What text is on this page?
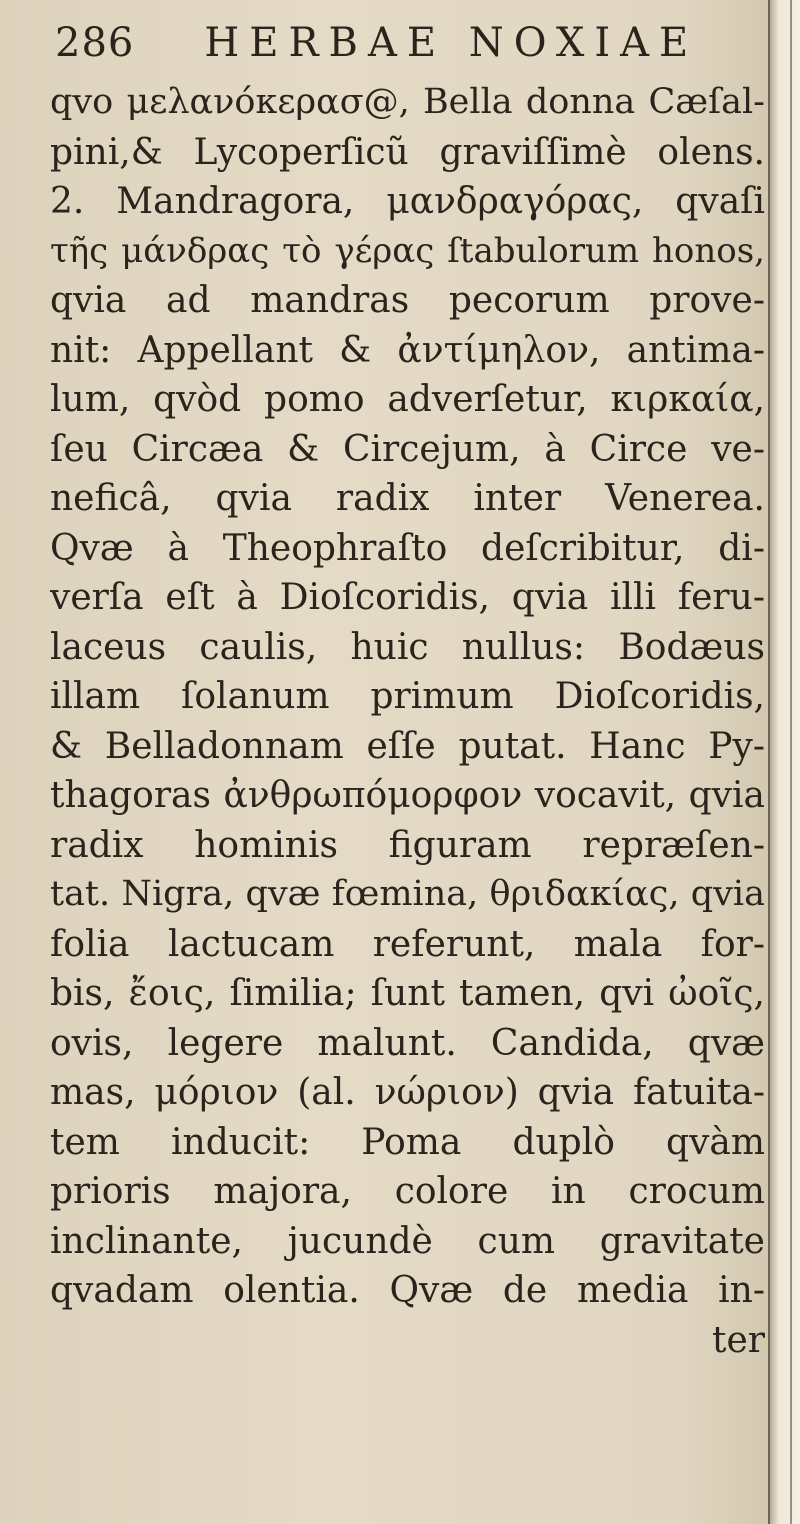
286 HERBAE NOXIAE
qvo μελανόκερασ@, Bella donna Cæſal-
pini,& Lycoperſicũ graviſſimè olens.
2. Mandragora, μανδραγόρας, qvaſi
τῆς μάνδρας τὸ γέρας ſtabulorum honos,
qvia ad mandras pecorum prove-
nit: Appellant & ἀντίμηλον, antima-
lum, qvòd pomo adverſetur, κιρκαία,
ſeu Circæa & Circejum, à Circe ve-
neficâ, qvia radix inter Venerea.
Qvæ à Theophraſto deſcribitur, di-
verſa eſt à Dioſcoridis, qvia illi feru-
laceus caulis, huic nullus: Bodæus
illam ſolanum primum Dioſcoridis,
& Belladonnam eſſe putat. Hanc Py-
thagoras ἀνθρωπόμορφον vocavit, qvia
radix hominis figuram repræſen-
tat. Nigra, qvæ fœmina, θριδακίας, qvia
folia lactucam referunt, mala for-
bis, ἔοις, ſimilia; ſunt tamen, qvi ὠοῖς,
ovis, legere malunt. Candida, qvæ
mas, μόριον (al. νώριον) qvia fatuita-
tem inducit: Poma duplò qvàm
prioris majora, colore in crocum
inclinante, jucundè cum gravitate
qvadam olentia. Qvæ de media in-
ter
